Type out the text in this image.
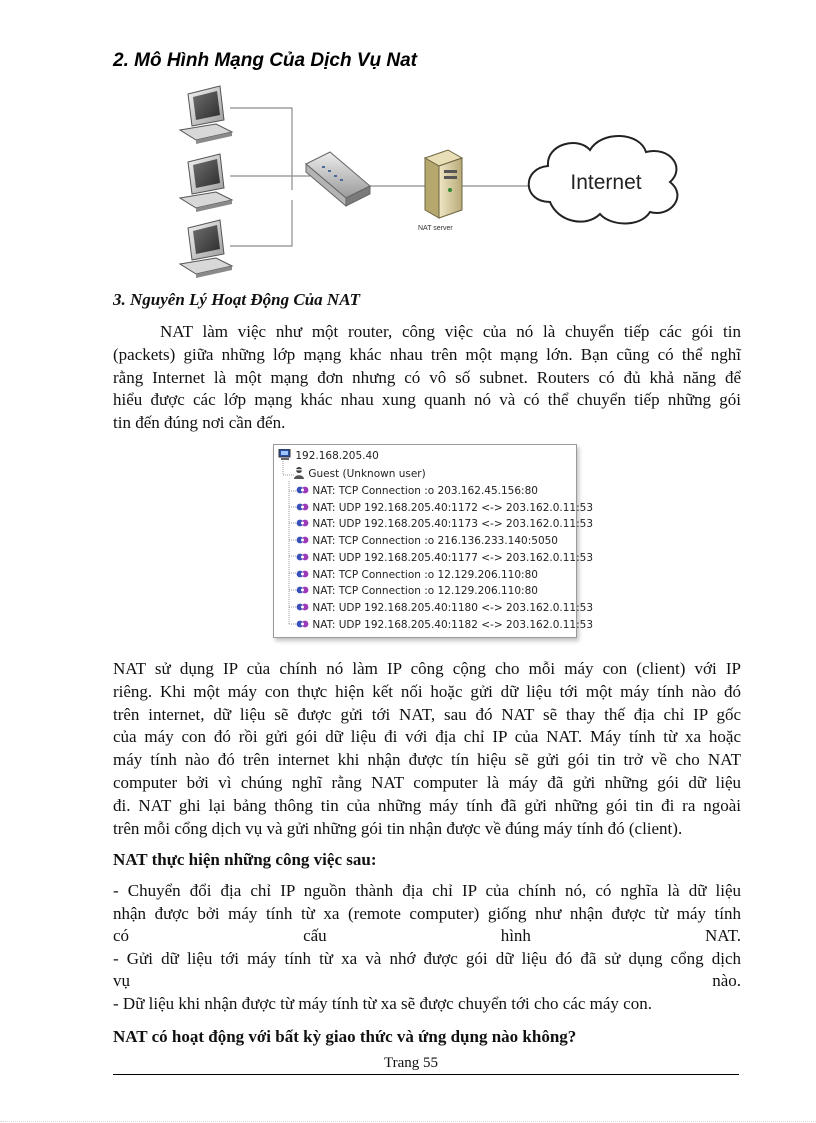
2. Mô Hình Mạng Của Dịch Vụ Nat
NAT server
Internet
3. Nguyên Lý Hoạt Động Của NAT
NAT làm việc như một router, công việc của nó là chuyển tiếp các gói tin
(packets) giữa những lớp mạng khác nhau trên một mạng lớn. Bạn cũng có thể nghĩ
rằng Internet là một mạng đơn nhưng có vô số subnet. Routers có đủ khả năng để
hiểu được các lớp mạng khác nhau xung quanh nó và có thể chuyển tiếp những gói
tin đến đúng nơi cần đến.
192.168.205.40
Guest (Unknown user)
NAT: TCP Connection :o 203.162.45.156:80
NAT: UDP 192.168.205.40:1172 <-> 203.162.0.11:53
NAT: UDP 192.168.205.40:1173 <-> 203.162.0.11:53
NAT: TCP Connection :o 216.136.233.140:5050
NAT: UDP 192.168.205.40:1177 <-> 203.162.0.11:53
NAT: TCP Connection :o 12.129.206.110:80
NAT: TCP Connection :o 12.129.206.110:80
NAT: UDP 192.168.205.40:1180 <-> 203.162.0.11:53
NAT: UDP 192.168.205.40:1182 <-> 203.162.0.11:53
NAT sử dụng IP của chính nó làm IP công cộng cho mỗi máy con (client) với IP
riêng. Khi một máy con thực hiện kết nối hoặc gửi dữ liệu tới một máy tính nào đó
trên internet, dữ liệu sẽ được gửi tới NAT, sau đó NAT sẽ thay thế địa chỉ IP gốc
của máy con đó rồi gửi gói dữ liệu đi với địa chỉ IP của NAT. Máy tính từ xa hoặc
máy tính nào đó trên internet khi nhận được tín hiệu sẽ gửi gói tin trở về cho NAT
computer bởi vì chúng nghĩ rằng NAT computer là máy đã gửi những gói dữ liệu
đi. NAT ghi lại bảng thông tin của những máy tính đã gửi những gói tin đi ra ngoài
trên mỗi cổng dịch vụ và gửi những gói tin nhận được về đúng máy tính đó (client).
NAT thực hiện những công việc sau:
- Chuyển đổi địa chỉ IP nguồn thành địa chỉ IP của chính nó, có nghĩa là dữ liệu
nhận được bởi máy tính từ xa (remote computer) giống như nhận được từ máy tính
có cấu hình NAT.
- Gửi dữ liệu tới máy tính từ xa và nhớ được gói dữ liệu đó đã sử dụng cổng dịch
vụ nào.
- Dữ liệu khi nhận được từ máy tính từ xa sẽ được chuyển tới cho các máy con.
NAT có hoạt động với bất kỳ giao thức và ứng dụng nào không?
Trang 55
